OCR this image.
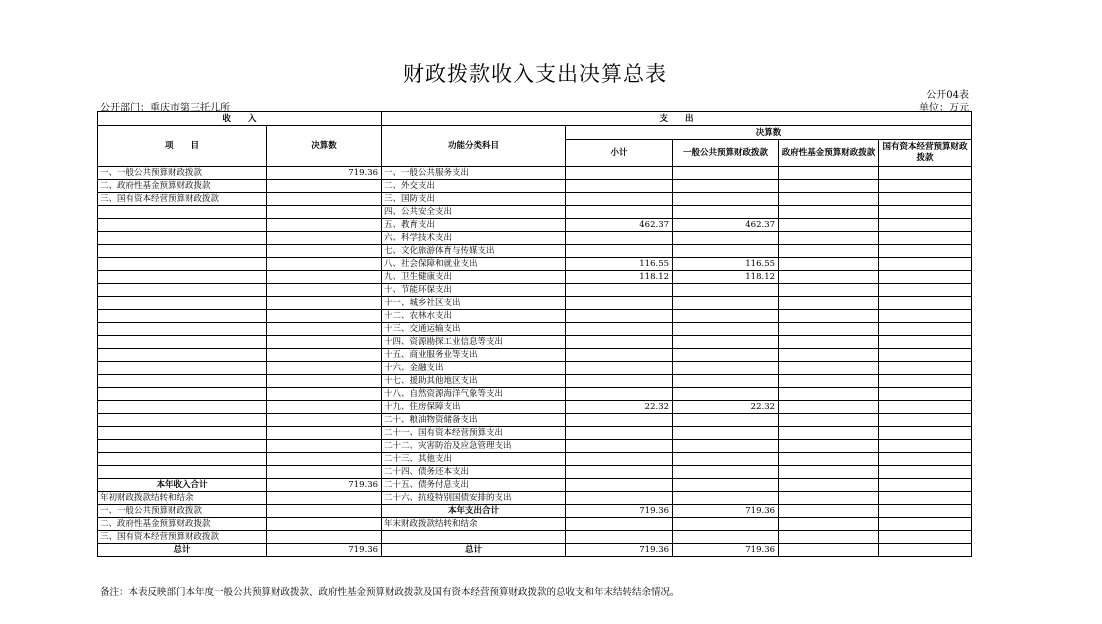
财政拨款收入支出决算总表
公开04表
公开部门：重庆市第三托儿所	单位：万元
收　　入		支　　出				
项　　目	决算数	功能分类科目	决算数			
			小计	一般公共预算财政拨款	政府性基金预算财政拨款	国有资本经营预算财政拨款
一、一般公共预算财政拨款	719.36	一、一般公共服务支出				
二、政府性基金预算财政拨款		二、外交支出				
三、国有资本经营预算财政拨款		三、国防支出				
		四、公共安全支出				
		五、教育支出	462.37	462.37		
		六、科学技术支出				
		七、文化旅游体育与传媒支出				
		八、社会保障和就业支出	116.55	116.55		
		九、卫生健康支出	118.12	118.12		
		十、节能环保支出				
		十一、城乡社区支出				
		十二、农林水支出				
		十三、交通运输支出				
		十四、资源勘探工业信息等支出				
		十五、商业服务业等支出				
		十六、金融支出				
		十七、援助其他地区支出				
		十八、自然资源海洋气象等支出				
		十九、住房保障支出	22.32	22.32		
		二十、粮油物资储备支出				
		二十一、国有资本经营预算支出				
		二十二、灾害防治及应急管理支出				
		二十三、其他支出				
		二十四、债务还本支出				
本年收入合计	719.36	二十五、债务付息支出				
年初财政拨款结转和结余		二十六、抗疫特别国债安排的支出				
一、一般公共预算财政拨款		本年支出合计	719.36	719.36		
二、政府性基金预算财政拨款		年末财政拨款结转和结余				
三、国有资本经营预算财政拨款						
总计	719.36	总计	719.36	719.36		
备注：本表反映部门本年度一般公共预算财政拨款、政府性基金预算财政拨款及国有资本经营预算财政拨款的总收支和年末结转结余情况。
